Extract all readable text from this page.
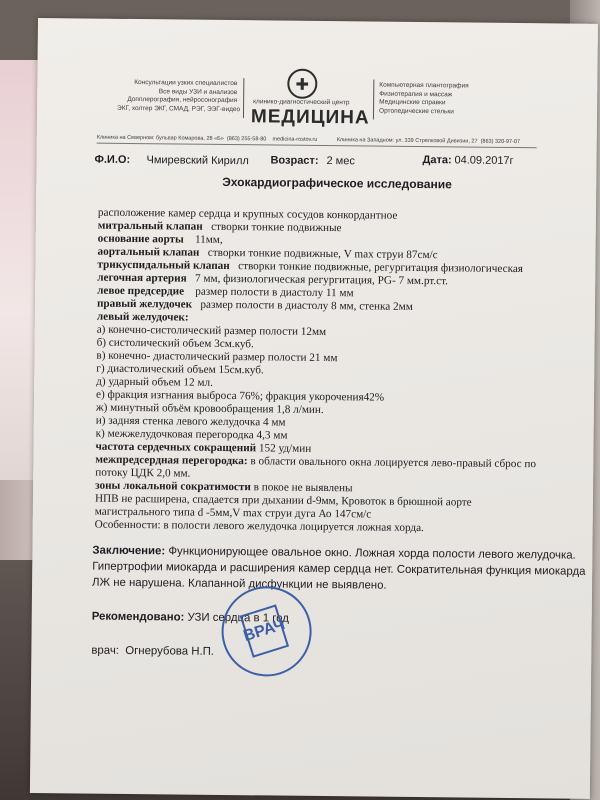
Консультации узких специалистов
Все виды УЗИ и анализов
Допплерография, нейросонография
ЭКГ, холтер ЭКГ, СМАД, РЭГ, ЭЭГ-видео
✚
клинико-диагностический центр
МЕДИЦИНА
Компьютерная плантография
Физиотерапия и массаж
Медицинские справки
Ортопедические стельки
Клиника на Северном: бульвар Комарова, 28 «Б» (863) 255-58-80 medicina-rostov.ru	Клиника на Западном: ул. 339 Стрелковой Дивизии, 27 (863) 320-97-07
Ф.И.О: Чмиревский Кирилл Возраст: 2 мес	Дата: 04.09.2017г
Эхокардиографическое исследование
расположение камер сердца и крупных сосудов конкордантное
митральный клапан створки тонкие подвижные
основание аорты 11мм,
аортальный клапан створки тонкие подвижные, V max струи 87см/с
трикуспидальный клапан створки тонкие подвижные, регургитация физиологическая
легочная артерия 7 мм, физиологическая регургитация, PG- 7 мм.рт.ст.
левое предсердие размер полости в диастолу 11 мм
правый желудочек размер полости в диастолу 8 мм, стенка 2мм
левый желудочек:
а) конечно-систолический размер полости 12мм
б) систолический объем 3см.куб.
в) конечно- диастолический размер полости 21 мм
г) диастолический объем 15см.куб.
д) ударный объем 12 мл.
е) фракция изгнания выброса 76%; фракция укорочения42%
ж) минутный объём кровообращения 1,8 л/мин.
и) задняя стенка левого желудочка 4 мм
к) межжелудочковая перегородка 4,3 мм
частота сердечных сокращений 152 уд/мин
межпредсердная перегородка: в области овального окна лоцируется лево-правый сброс по
потоку ЦДК 2,0 мм.
зоны локальной сократимости в покое не выявлены
НПВ не расширена, спадается при дыхании d-9мм, Кровоток в брюшной аорте
магистрального типа d -5мм,V max струи дуга Ао 147см/с
Особенности: в полости левого желудочка лоцируется ложная хорда.
Заключение: Функционирующее овальное окно. Ложная хорда полости левого желудочка.
Гипертрофии миокарда и расширения камер сердца нет. Сократительная функция миокарда
ЛЖ не нарушена. Клапанной дисфункции не выявлено.
Рекомендовано: УЗИ сердца в 1 год
врач: Огнерубова Н.П.
ВРАЧ
